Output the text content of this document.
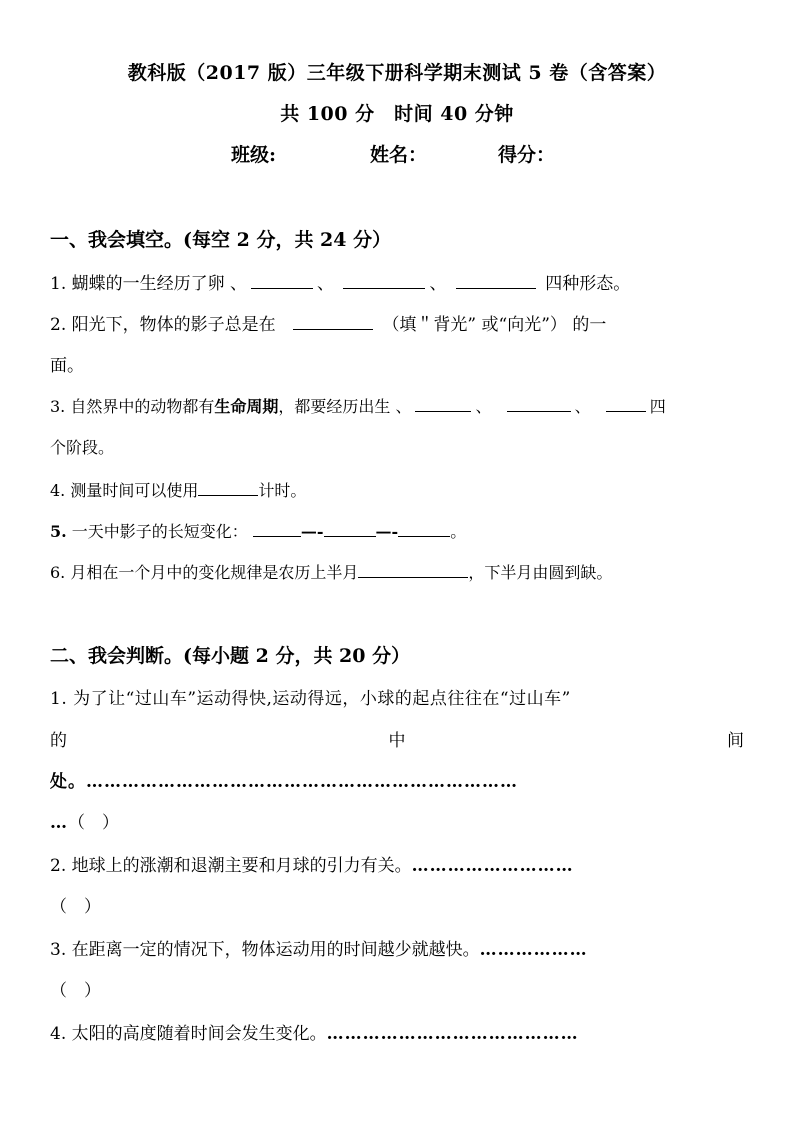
教科版（2017 版）三年级下册科学期末测试 5 卷（含答案）
共 100 分　时间 40 分钟
班级:	姓名：	得分：
一、我会填空。(每空 2 分，共 24 分）
1. 蝴蝶的一生经历了卵 、	、	、	四种形态。
2. 阳光下，物体的影子总是在	（填＂背光” 或“向光”） 的一
面。
3. 自然界中的动物都有生命周期，都要经历出生 、	、	、	四
个阶段。
4. 测量时间可以使用	计时。
5. 一天中影子的长短变化：	—-	—-	。
6. 月相在一个月中的变化规律是农历上半月	，下半月由圆到缺。
二、我会判断。(每小题 2 分，共 20 分）
1. 为了让“过山车”运动得快,运动得远，小球的起点往往在“过山车”
的	中	间
处。………………………………………………………………
…（　）
2. 地球上的涨潮和退潮主要和月球的引力有关。………………………
（　）
3. 在距离一定的情况下，物体运动用的时间越少就越快。………………
（　）
4. 太阳的高度随着时间会发生变化。……………………………………
